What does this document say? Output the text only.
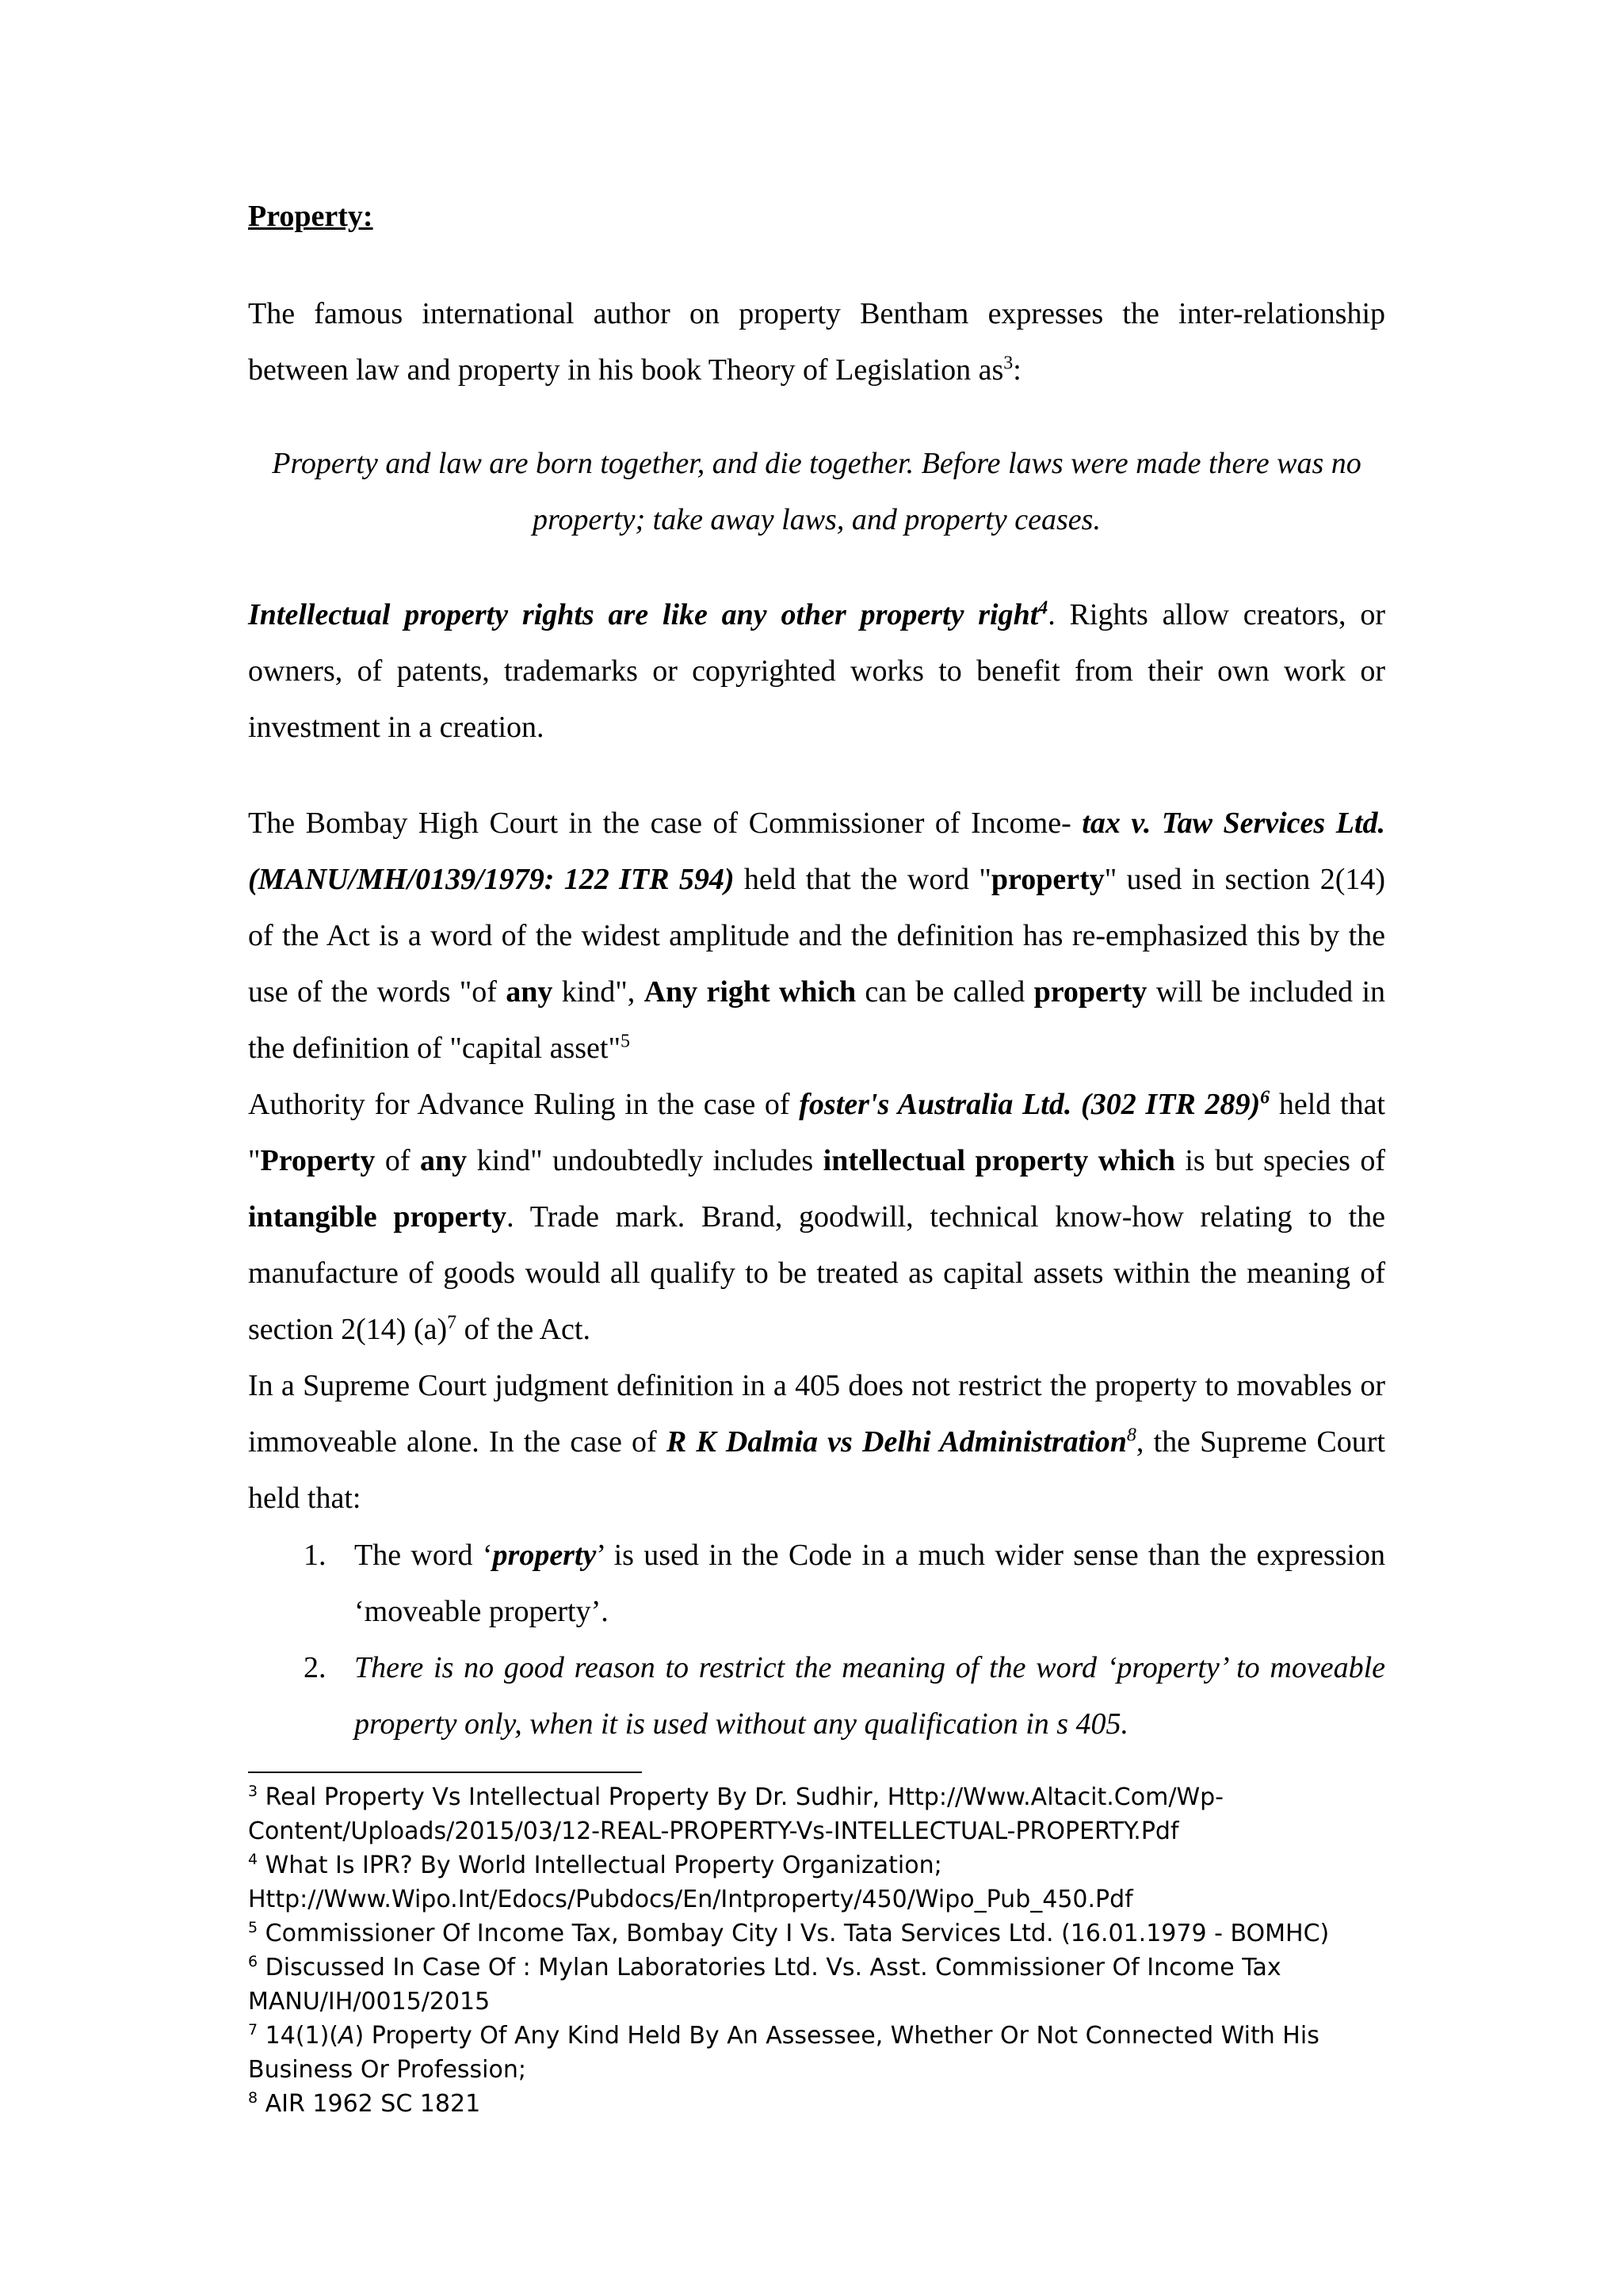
Property:

The famous international author on property Bentham expresses the inter-relationship between law and property in his book Theory of Legislation $as^3$:

Property and law are born together, and die together. Before laws were made there was no property; take away laws, and property ceases.

Intellectual property rights are like any other property right$^4$. Rights allow creators, or owners, of patents, trademarks or copyrighted works to benefit from their own work or investment in a creation.

The Bombay High Court in the case of Commissioner of Income- tax v. Taw Services Ltd. (MANU/MH/0139/1979: 122 ITR 594) held that the word "property" used in section 2(14) of the Act is a word of the widest amplitude and the definition has re-emphasized this by the use of the words "of any kind", Any right which can be called property will be included in the definition of "capital asset"$^5$

Authority for Advance Ruling in the case of foster's Australia Ltd. (302 ITR 289)$^6$ held that "Property of any kind" undoubtedly includes intellectual property which is but species of intangible property. Trade mark. Brand, goodwill, technical know-how relating to the manufacture of goods would all qualify to be treated as capital assets within the meaning of section 2(14) $(a)^7$ of the Act.

In a Supreme Court judgment definition in a 405 does not restrict the property to movables or immoveable alone. In the case of R K Dalmia vs Delhi Administration$^8$, the Supreme Court held that:

1. The word ‘property’ is used in the Code in a much wider sense than the expression ‘moveable property’.
2. There is no good reason to restrict the meaning of the word ‘property’ to moveable property only, when it is used without any qualification in s 405.

$^3$ Real Property Vs Intellectual Property By Dr. Sudhir, Http://Www.Altacit.Com/Wp-
Content/Uploads/2015/03/12-REAL-PROPERTY-Vs-INTELLECTUAL-PROPERTY.Pdf

$^4$ What Is IPR? By World Intellectual Property Organization;
Http://Www.Wipo.Int/Edocs/Pubdocs/En/Intproperty/450/Wipo_Pub_450.Pdf

$^5$ Commissioner Of Income Tax, Bombay City I Vs. Tata Services Ltd. (16.01.1979 - BOMHC)

$^6$ Discussed In Case Of : Mylan Laboratories Ltd. Vs. Asst. Commissioner Of Income Tax
MANU/IH/0015/2015

$^7$ 14(1)(A) Property Of Any Kind Held By An Assessee, Whether Or Not Connected With His
Business Or Profession;

$^8$ AIR 1962 SC 1821
